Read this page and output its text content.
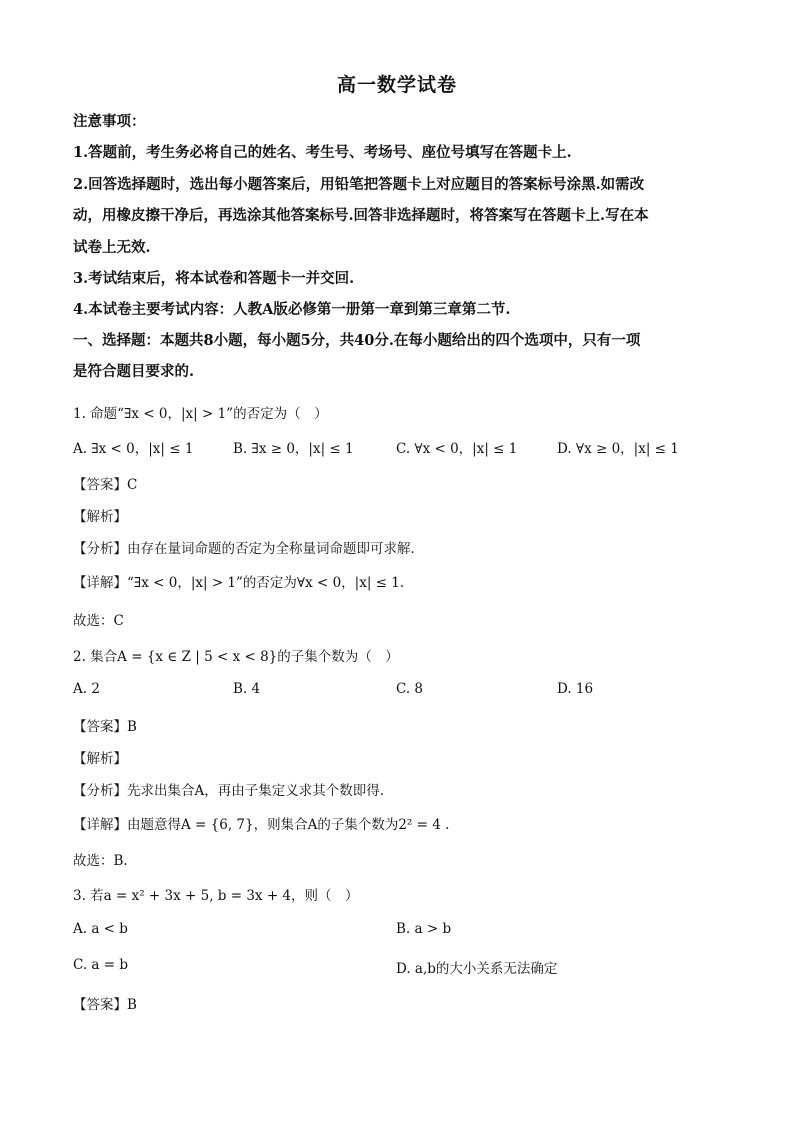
高一数学试卷
注意事项：
1.答题前，考生务必将自己的姓名、考生号、考场号、座位号填写在答题卡上.
2.回答选择题时，选出每小题答案后，用铅笔把答题卡上对应题目的答案标号涂黑.如需改
动，用橡皮擦干净后，再选涂其他答案标号.回答非选择题时，将答案写在答题卡上.写在本
试卷上无效.
3.考试结束后，将本试卷和答题卡一并交回.
4.本试卷主要考试内容：人教A版必修第一册第一章到第三章第二节.
一、选择题：本题共8小题，每小题5分，共40分.在每小题给出的四个选项中，只有一项
是符合题目要求的.
1. 命题“∃x < 0，|x| > 1”的否定为（　）
A. ∃x < 0，|x| ≤ 1	B. ∃x ≥ 0，|x| ≤ 1	C. ∀x < 0，|x| ≤ 1	D. ∀x ≥ 0，|x| ≤ 1
【答案】C
【解析】
【分析】由存在量词命题的否定为全称量词命题即可求解．
【详解】“∃x < 0，|x| > 1”的否定为∀x < 0，|x| ≤ 1.
故选：C
2. 集合A = {x ∈ Z | 5 < x < 8}的子集个数为（　）
A. 2	B. 4	C. 8	D. 16
【答案】B
【解析】
【分析】先求出集合A，再由子集定义求其个数即得.
【详解】由题意得A = {6, 7}，则集合A的子集个数为2² = 4 .
故选：B.
3. 若a = x² + 3x + 5, b = 3x + 4，则（　）
A. a < b	B. a > b
C. a = b	D. a,b的大小关系无法确定
【答案】B
